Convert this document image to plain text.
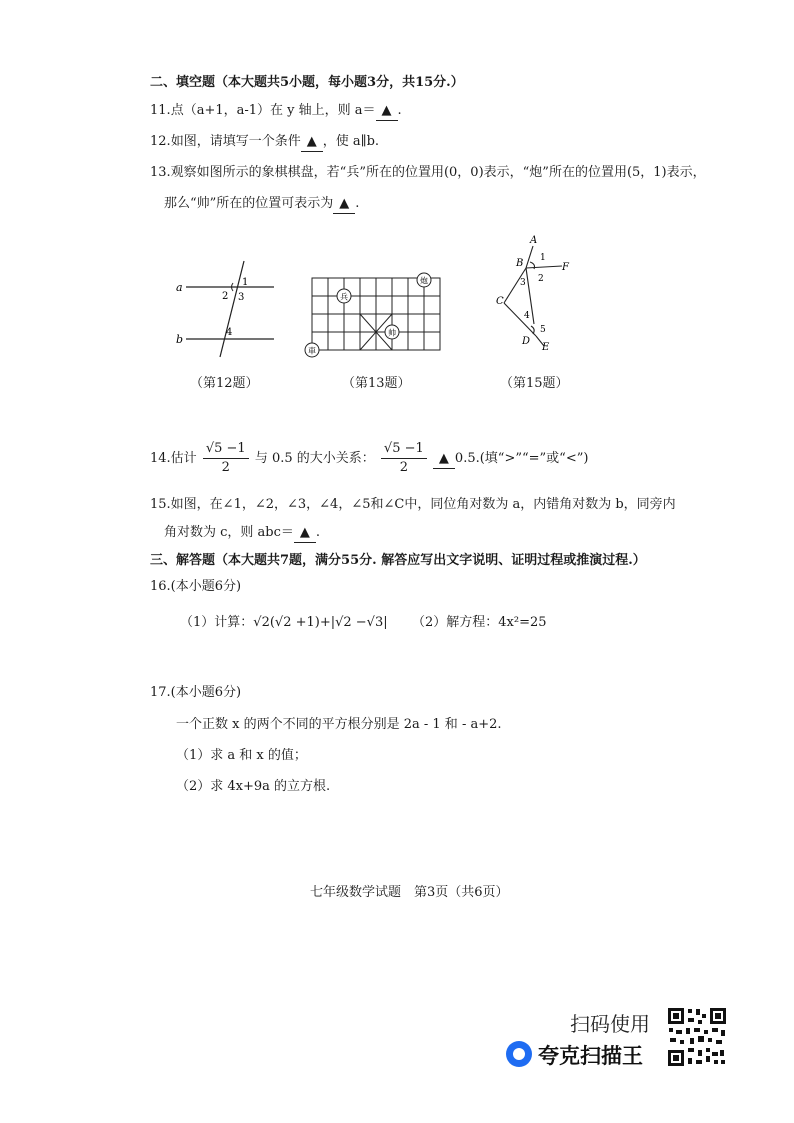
二、填空题（本大题共5小题，每小题3分，共15分.）
11.点（a+1，a-1）在 y 轴上，则 a＝ ▲ .
12.如图，请填写一个条件 ▲ ，使 a∥b.
13.观察如图所示的象棋棋盘，若“兵”所在的位置用(0，0)表示，“炮”所在的位置用(5，1)表示，
那么“帅”所在的位置可表示为 ▲ .
a
b
1
2 3
4
（第12题）
兵
炮
帅
車
（第13题）
A
B
C
D
E
F
1
2
3
4
5
（第15题）
14.估计 $\frac{√5 -1}{2}$ 与 0.5 的大小关系： $\frac{√5 -1}{2}$ ▲ 0.5.(填“>”“=”或“<”)
15.如图，在∠1，∠2，∠3，∠4，∠5和∠C中，同位角对数为 a，内错角对数为 b，同旁内
角对数为 c，则 abc＝ ▲ .
三、解答题（本大题共7题，满分55分. 解答应写出文字说明、证明过程或推演过程.）
16.(本小题6分)
（1）计算：√2(√2 +1)+|√2 −√3| （2）解方程：4x²=25
17.(本小题6分)
一个正数 x 的两个不同的平方根分别是 2a - 1 和 - a+2.
（1）求 a 和 x 的值；
（2）求 4x+9a 的立方根.
七年级数学试题　第3页（共6页）
扫码使用
夸克扫描王
